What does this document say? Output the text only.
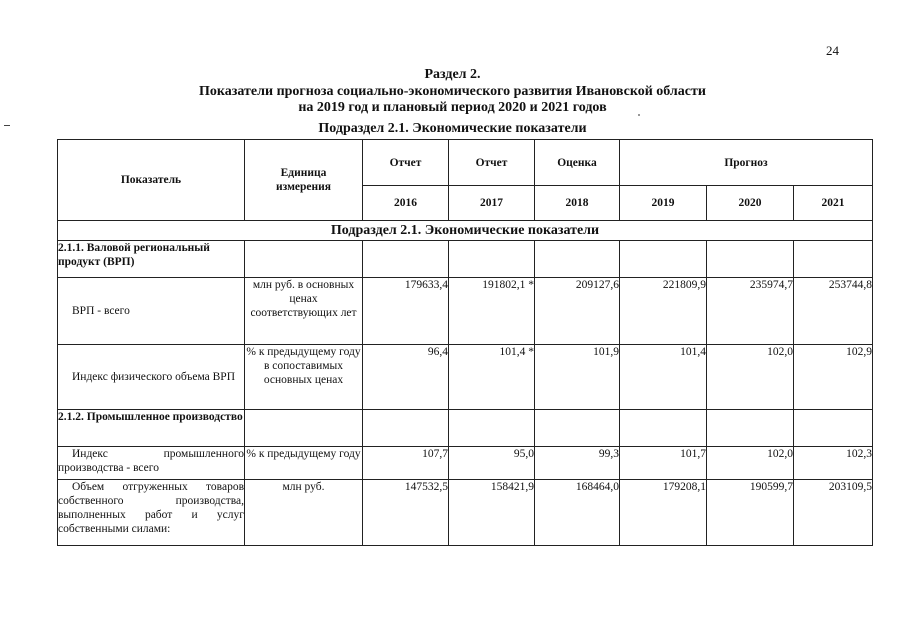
24
Раздел 2.
Показатели прогноза социально-экономического развития Ивановской области
на 2019 год и плановый период 2020 и 2021 годов
Подраздел 2.1. Экономические показатели
Показатель	Единица измерения	Отчет	Отчет	Оценка	Прогноз		
		2016	2017	2018	2019	2020	2021
Подраздел 2.1. Экономические показатели							
2.1.1. Валовой региональный продукт (ВРП)							
ВРП - всего	млн руб. в основных ценах соответствующих лет	179633,4	191802,1 *	209127,6	221809,9	235974,7	253744,8
Индекс физического объема ВРП	% к предыдущему году в сопоставимых основных ценах	96,4	101,4 *	101,9	101,4	102,0	102,9
2.1.2. Промышленное производство							
Индекс промышленного производства - всего	% к предыдущему году	107,7	95,0	99,3	101,7	102,0	102,3
Объем отгруженных товаров собственного производства, выполненных работ и услуг собственными силами:	млн руб.	147532,5	158421,9	168464,0	179208,1	190599,7	203109,5
